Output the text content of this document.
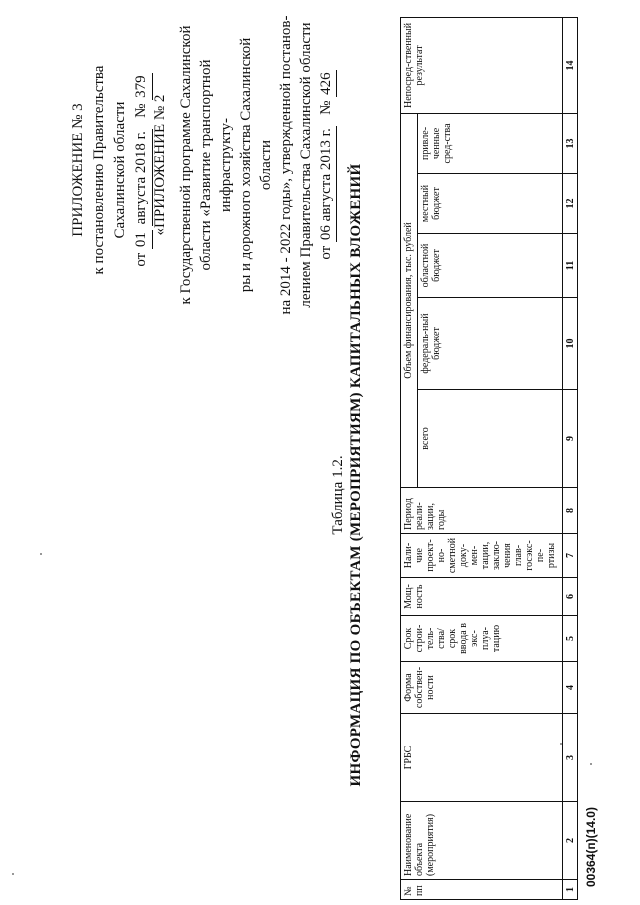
ПРИЛОЖЕНИЕ № 3 к постановлению Правительства Сахалинской области
от 01 августа 2018 г.   № 379
«ПРИЛОЖЕНИЕ № 2 к Государственной программе Сахалинской области «Развитие транспортной инфраструкту- ры и дорожного хозяйства Сахалинской области на 2014 - 2022 годы», утвержденной постанов- лением Правительства Сахалинской области от 06 августа 2013 г.   № 426
Таблица 1.2. ИНФОРМАЦИЯ ПО ОБЪЕКТАМ (МЕРОПРИЯТИЯМ) КАПИТАЛЬНЫХ ВЛОЖЕНИЙ
№ пп	Наименование объекта (мероприятия)	ГРБС	Форма собствен-ности	Срок строи-тель-ства/ срок ввода в экс-плуа-тацию	Мощ-ность	Нали-чие проект-но-сметной доку-мен-тации, заклю-чения глав-госэкс-пе-ртизы	Период реали-зации, годы	Объем финансирования, тыс. рублей					Непосред-ственный результат
								всего	федераль-ный бюджет	областной бюджет	местный бюджет	привле-ченные сред-ства	
1	2	3	4	5	6	7	8	9	10	11	12	13	14
00364(п)(14.0)
